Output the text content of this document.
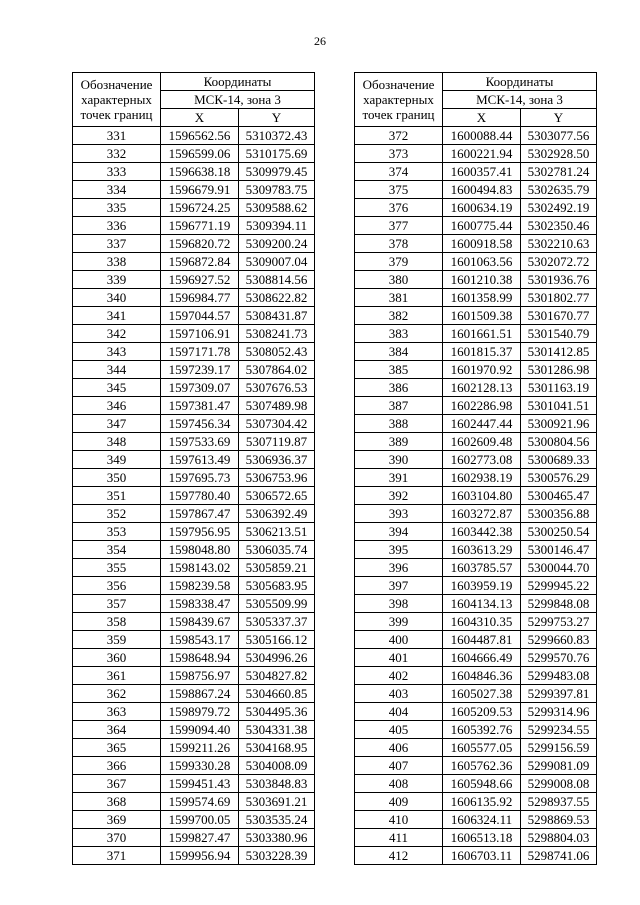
26
Обозначение
характерных
точек границ	Координаты	
	МСК-14, зона 3	
	X	Y
331	1596562.56	5310372.43
332	1596599.06	5310175.69
333	1596638.18	5309979.45
334	1596679.91	5309783.75
335	1596724.25	5309588.62
336	1596771.19	5309394.11
337	1596820.72	5309200.24
338	1596872.84	5309007.04
339	1596927.52	5308814.56
340	1596984.77	5308622.82
341	1597044.57	5308431.87
342	1597106.91	5308241.73
343	1597171.78	5308052.43
344	1597239.17	5307864.02
345	1597309.07	5307676.53
346	1597381.47	5307489.98
347	1597456.34	5307304.42
348	1597533.69	5307119.87
349	1597613.49	5306936.37
350	1597695.73	5306753.96
351	1597780.40	5306572.65
352	1597867.47	5306392.49
353	1597956.95	5306213.51
354	1598048.80	5306035.74
355	1598143.02	5305859.21
356	1598239.58	5305683.95
357	1598338.47	5305509.99
358	1598439.67	5305337.37
359	1598543.17	5305166.12
360	1598648.94	5304996.26
361	1598756.97	5304827.82
362	1598867.24	5304660.85
363	1598979.72	5304495.36
364	1599094.40	5304331.38
365	1599211.26	5304168.95
366	1599330.28	5304008.09
367	1599451.43	5303848.83
368	1599574.69	5303691.21
369	1599700.05	5303535.24
370	1599827.47	5303380.96
371	1599956.94	5303228.39
Обозначение
характерных
точек границ	Координаты	
	МСК-14, зона 3	
	X	Y
372	1600088.44	5303077.56
373	1600221.94	5302928.50
374	1600357.41	5302781.24
375	1600494.83	5302635.79
376	1600634.19	5302492.19
377	1600775.44	5302350.46
378	1600918.58	5302210.63
379	1601063.56	5302072.72
380	1601210.38	5301936.76
381	1601358.99	5301802.77
382	1601509.38	5301670.77
383	1601661.51	5301540.79
384	1601815.37	5301412.85
385	1601970.92	5301286.98
386	1602128.13	5301163.19
387	1602286.98	5301041.51
388	1602447.44	5300921.96
389	1602609.48	5300804.56
390	1602773.08	5300689.33
391	1602938.19	5300576.29
392	1603104.80	5300465.47
393	1603272.87	5300356.88
394	1603442.38	5300250.54
395	1603613.29	5300146.47
396	1603785.57	5300044.70
397	1603959.19	5299945.22
398	1604134.13	5299848.08
399	1604310.35	5299753.27
400	1604487.81	5299660.83
401	1604666.49	5299570.76
402	1604846.36	5299483.08
403	1605027.38	5299397.81
404	1605209.53	5299314.96
405	1605392.76	5299234.55
406	1605577.05	5299156.59
407	1605762.36	5299081.09
408	1605948.66	5299008.08
409	1606135.92	5298937.55
410	1606324.11	5298869.53
411	1606513.18	5298804.03
412	1606703.11	5298741.06
